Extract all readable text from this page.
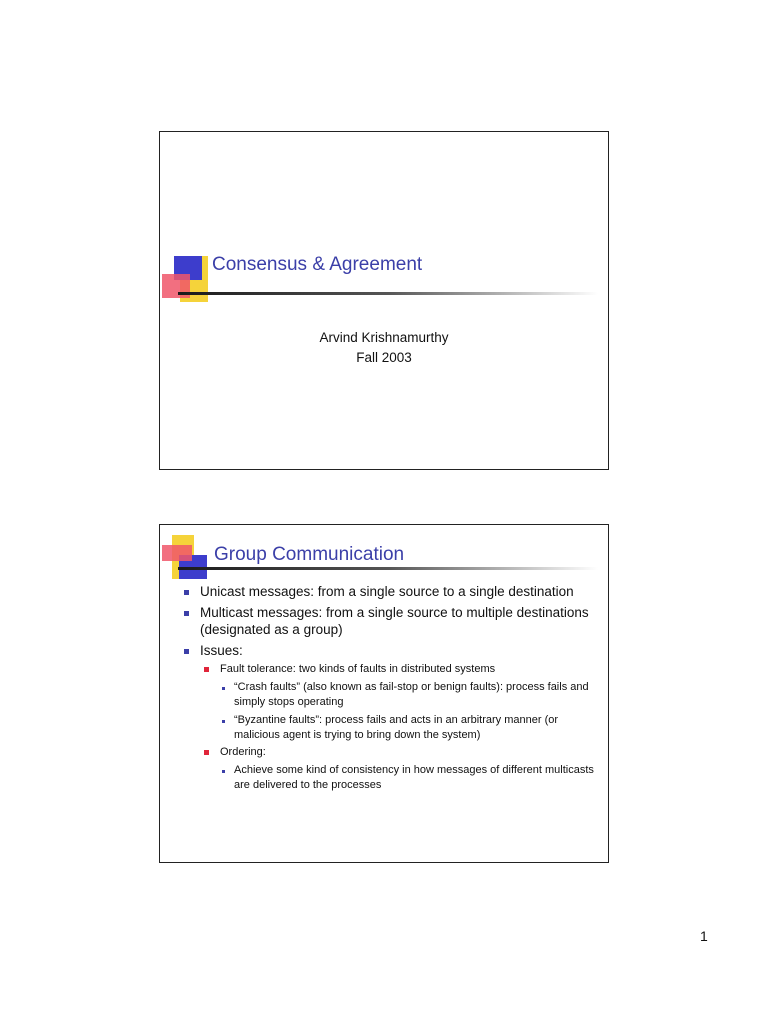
Consensus & Agreement
Arvind Krishnamurthy
Fall 2003
Group Communication
Unicast messages: from a single source to a single destination
Multicast messages: from a single source to multiple destinations (designated as a group)
Issues:
Fault tolerance: two kinds of faults in distributed systems
“Crash faults” (also known as fail-stop or benign faults): process fails and simply stops operating
“Byzantine faults”: process fails and acts in an arbitrary manner (or malicious agent is trying to bring down the system)
Ordering:
Achieve some kind of consistency in how messages of different multicasts are delivered to the processes
1
